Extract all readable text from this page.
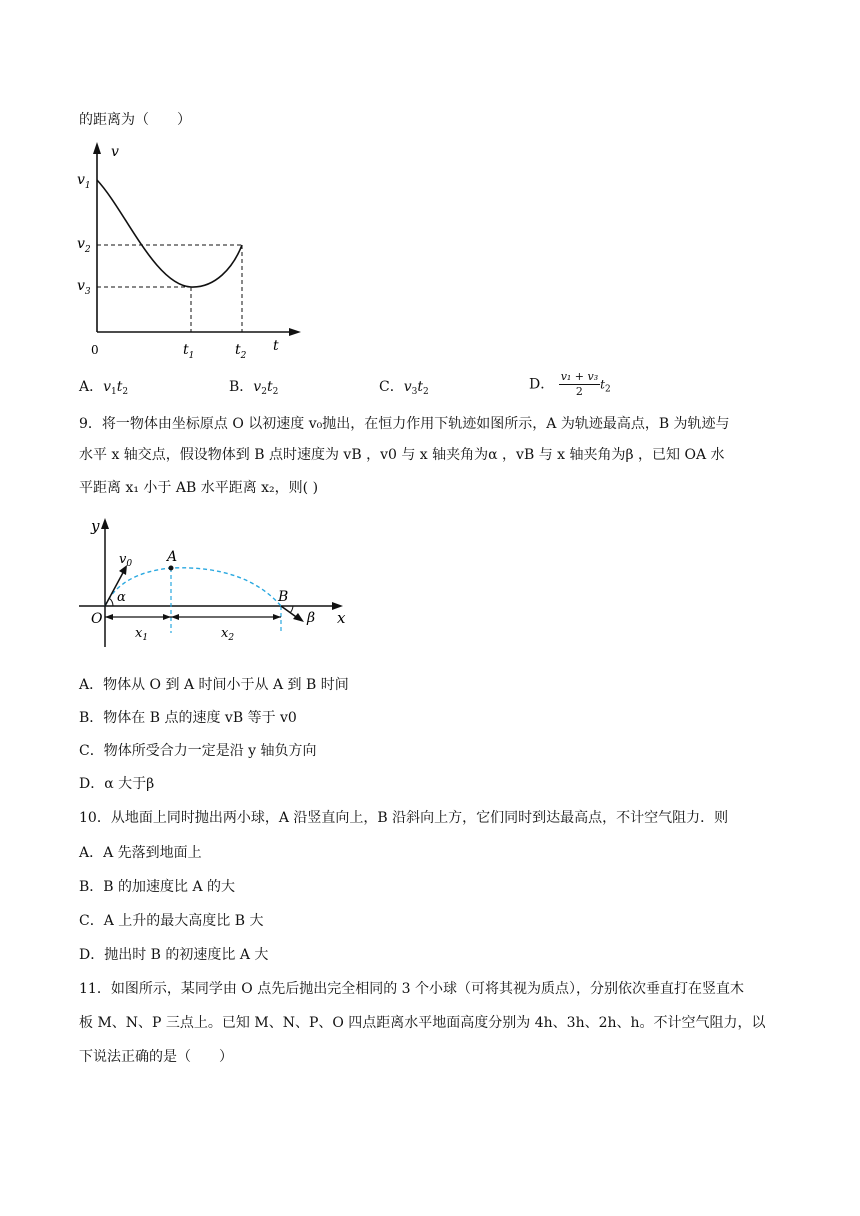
的距离为（　　）
v
t
0
$v_1$
$v_2$
$v_3$
$t_1$	$t_2$
A．$v_1t_2$	B．$v_2t_2$	C．$v_3t_2$	D． $\frac{\text{v₁ + v₃}}{2} t_2$
9．将一物体由坐标原点 O 以初速度 v₀抛出，在恒力作用下轨迹如图所示，A 为轨迹最高点，B 为轨迹与
水平 x 轴交点，假设物体到 B 点时速度为 vB ，v0 与 x 轴夹角为α ，vB 与 x 轴夹角为β ，已知 OA 水
平距离 x₁ 小于 AB 水平距离 x₂，则( )
y
x
O
$v_0$ A
B
α
β
$x_1$	$x_2$
A．物体从 O 到 A 时间小于从 A 到 B 时间
B．物体在 B 点的速度 vB 等于 v0
C．物体所受合力一定是沿 y 轴负方向
D．α 大于β
10．从地面上同时抛出两小球，A 沿竖直向上，B 沿斜向上方，它们同时到达最高点，不计空气阻力．则
A．A 先落到地面上
B．B 的加速度比 A 的大
C．A 上升的最大高度比 B 大
D．抛出时 B 的初速度比 A 大
11．如图所示，某同学由 O 点先后抛出完全相同的 3 个小球（可将其视为质点），分别依次垂直打在竖直木
板 M、N、P 三点上。已知 M、N、P、O 四点距离水平地面高度分别为 4h、3h、2h、h。不计空气阻力，以
下说法正确的是（　　）
